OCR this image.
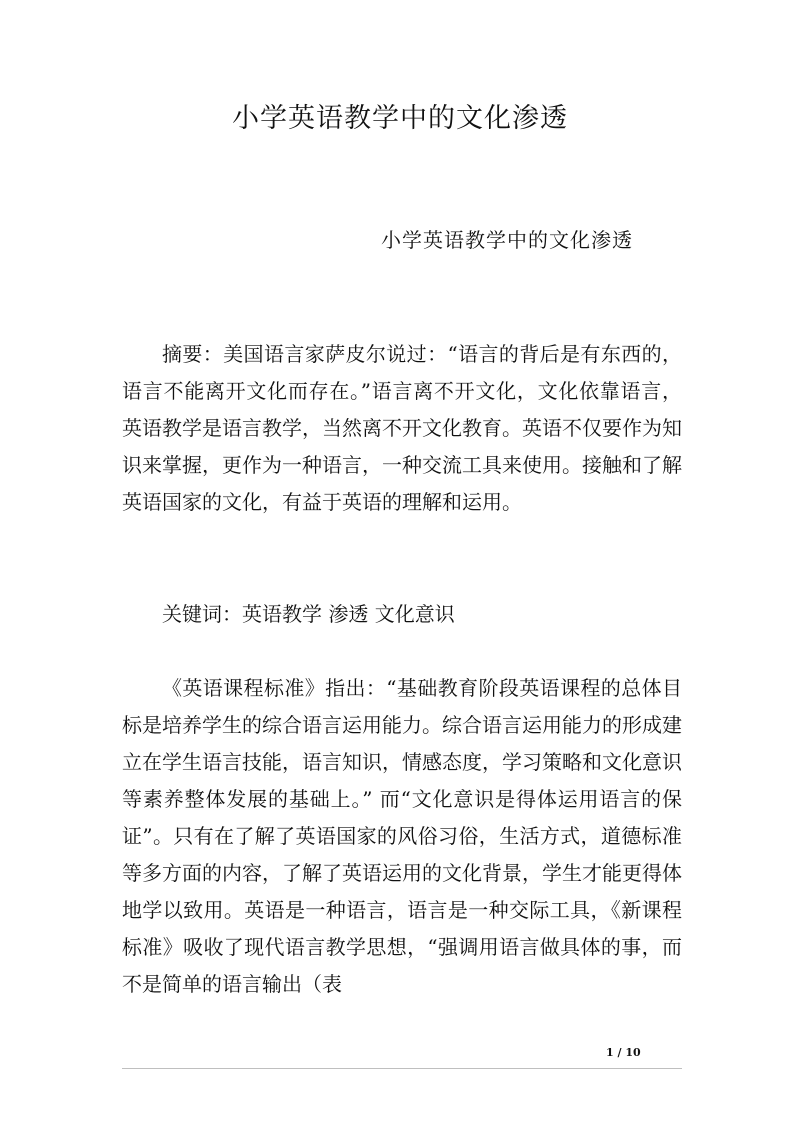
小学英语教学中的文化渗透
小学英语教学中的文化渗透

摘要：美国语言家萨皮尔说过：“语言的背后是有东西的，语言不能离开文化而存在。”语言离不开文化，文化依靠语言，英语教学是语言教学，当然离不开文化教育。英语不仅要作为知识来掌握，更作为一种语言，一种交流工具来使用。接触和了解英语国家的文化，有益于英语的理解和运用。

关键词：英语教学 渗透 文化意识

《英语课程标准》指出：“基础教育阶段英语课程的总体目标是培养学生的综合语言运用能力。综合语言运用能力的形成建立在学生语言技能，语言知识，情感态度，学习策略和文化意识等素养整体发展的基础上。” 而“文化意识是得体运用语言的保证”。只有在了解了英语国家的风俗习俗，生活方式，道德标准等多方面的内容，了解了英语运用的文化背景，学生才能更得体地学以致用。英语是一种语言，语言是一种交际工具，《新课程标准》吸收了现代语言教学思想，“强调用语言做具体的事，而不是简单的语言输出（表

1 / 10
